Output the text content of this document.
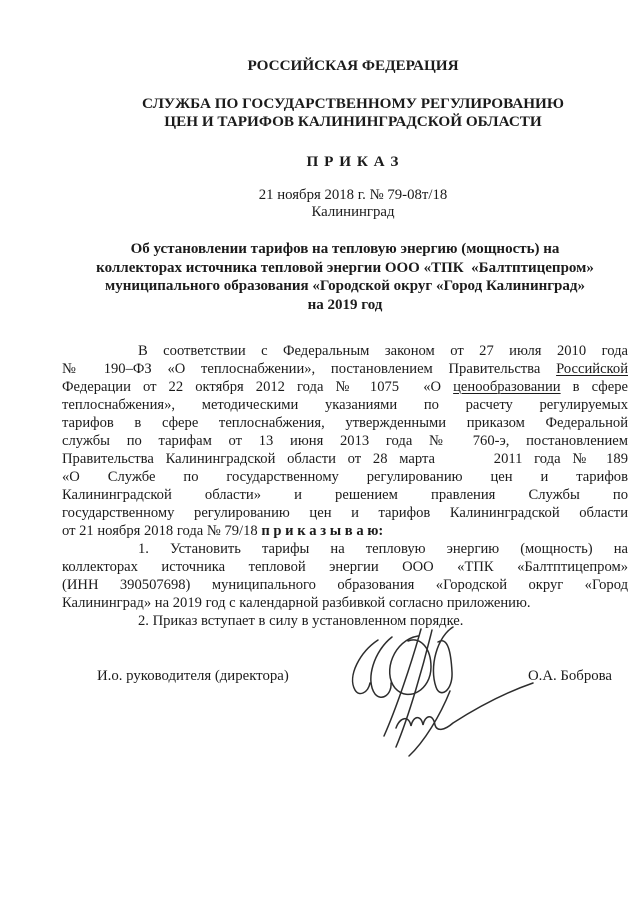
РОССИЙСКАЯ ФЕДЕРАЦИЯ
СЛУЖБА ПО ГОСУДАРСТВЕННОМУ РЕГУЛИРОВАНИЮ
ЦЕН И ТАРИФОВ КАЛИНИНГРАДСКОЙ ОБЛАСТИ
П Р И К А З
21 ноября 2018 г. № 79-08т/18
Калининград
Об установлении тарифов на тепловую энергию (мощность) на
коллекторах источника тепловой энергии ООО «ТПК  «Балтптицепром»
муниципального образования «Городской округ «Город Калининград»
на 2019 год
В соответствии с Федеральным законом от 27 июля 2010 года
№ 190–ФЗ «О теплоснабжении», постановлением Правительства Российской
Федерации от 22 октября 2012 года № 1075  «О ценообразовании в сфере
теплоснабжения», методическими указаниями по расчету регулируемых
тарифов в сфере теплоснабжения, утвержденными приказом Федеральной
службы по тарифам от 13 июня 2013 года № 760-э, постановлением
Правительства Калининградской области от 28 марта     2011 года № 189
«О Службе по государственному регулированию цен и тарифов
Калининградской области» и решением правления Службы по
государственному регулированию цен и тарифов Калининградской области
от 21 ноября 2018 года № 79/18 п р и к а з ы в а ю:
1. Установить тарифы на тепловую энергию (мощность) на
коллекторах источника тепловой энергии ООО «ТПК «Балтптицепром»
(ИНН 390507698) муниципального образования «Городской округ «Город
Калининград» на 2019 год с календарной разбивкой согласно приложению.
2. Приказ вступает в силу в установленном порядке.
И.о. руководителя (директора)	О.А. Боброва
